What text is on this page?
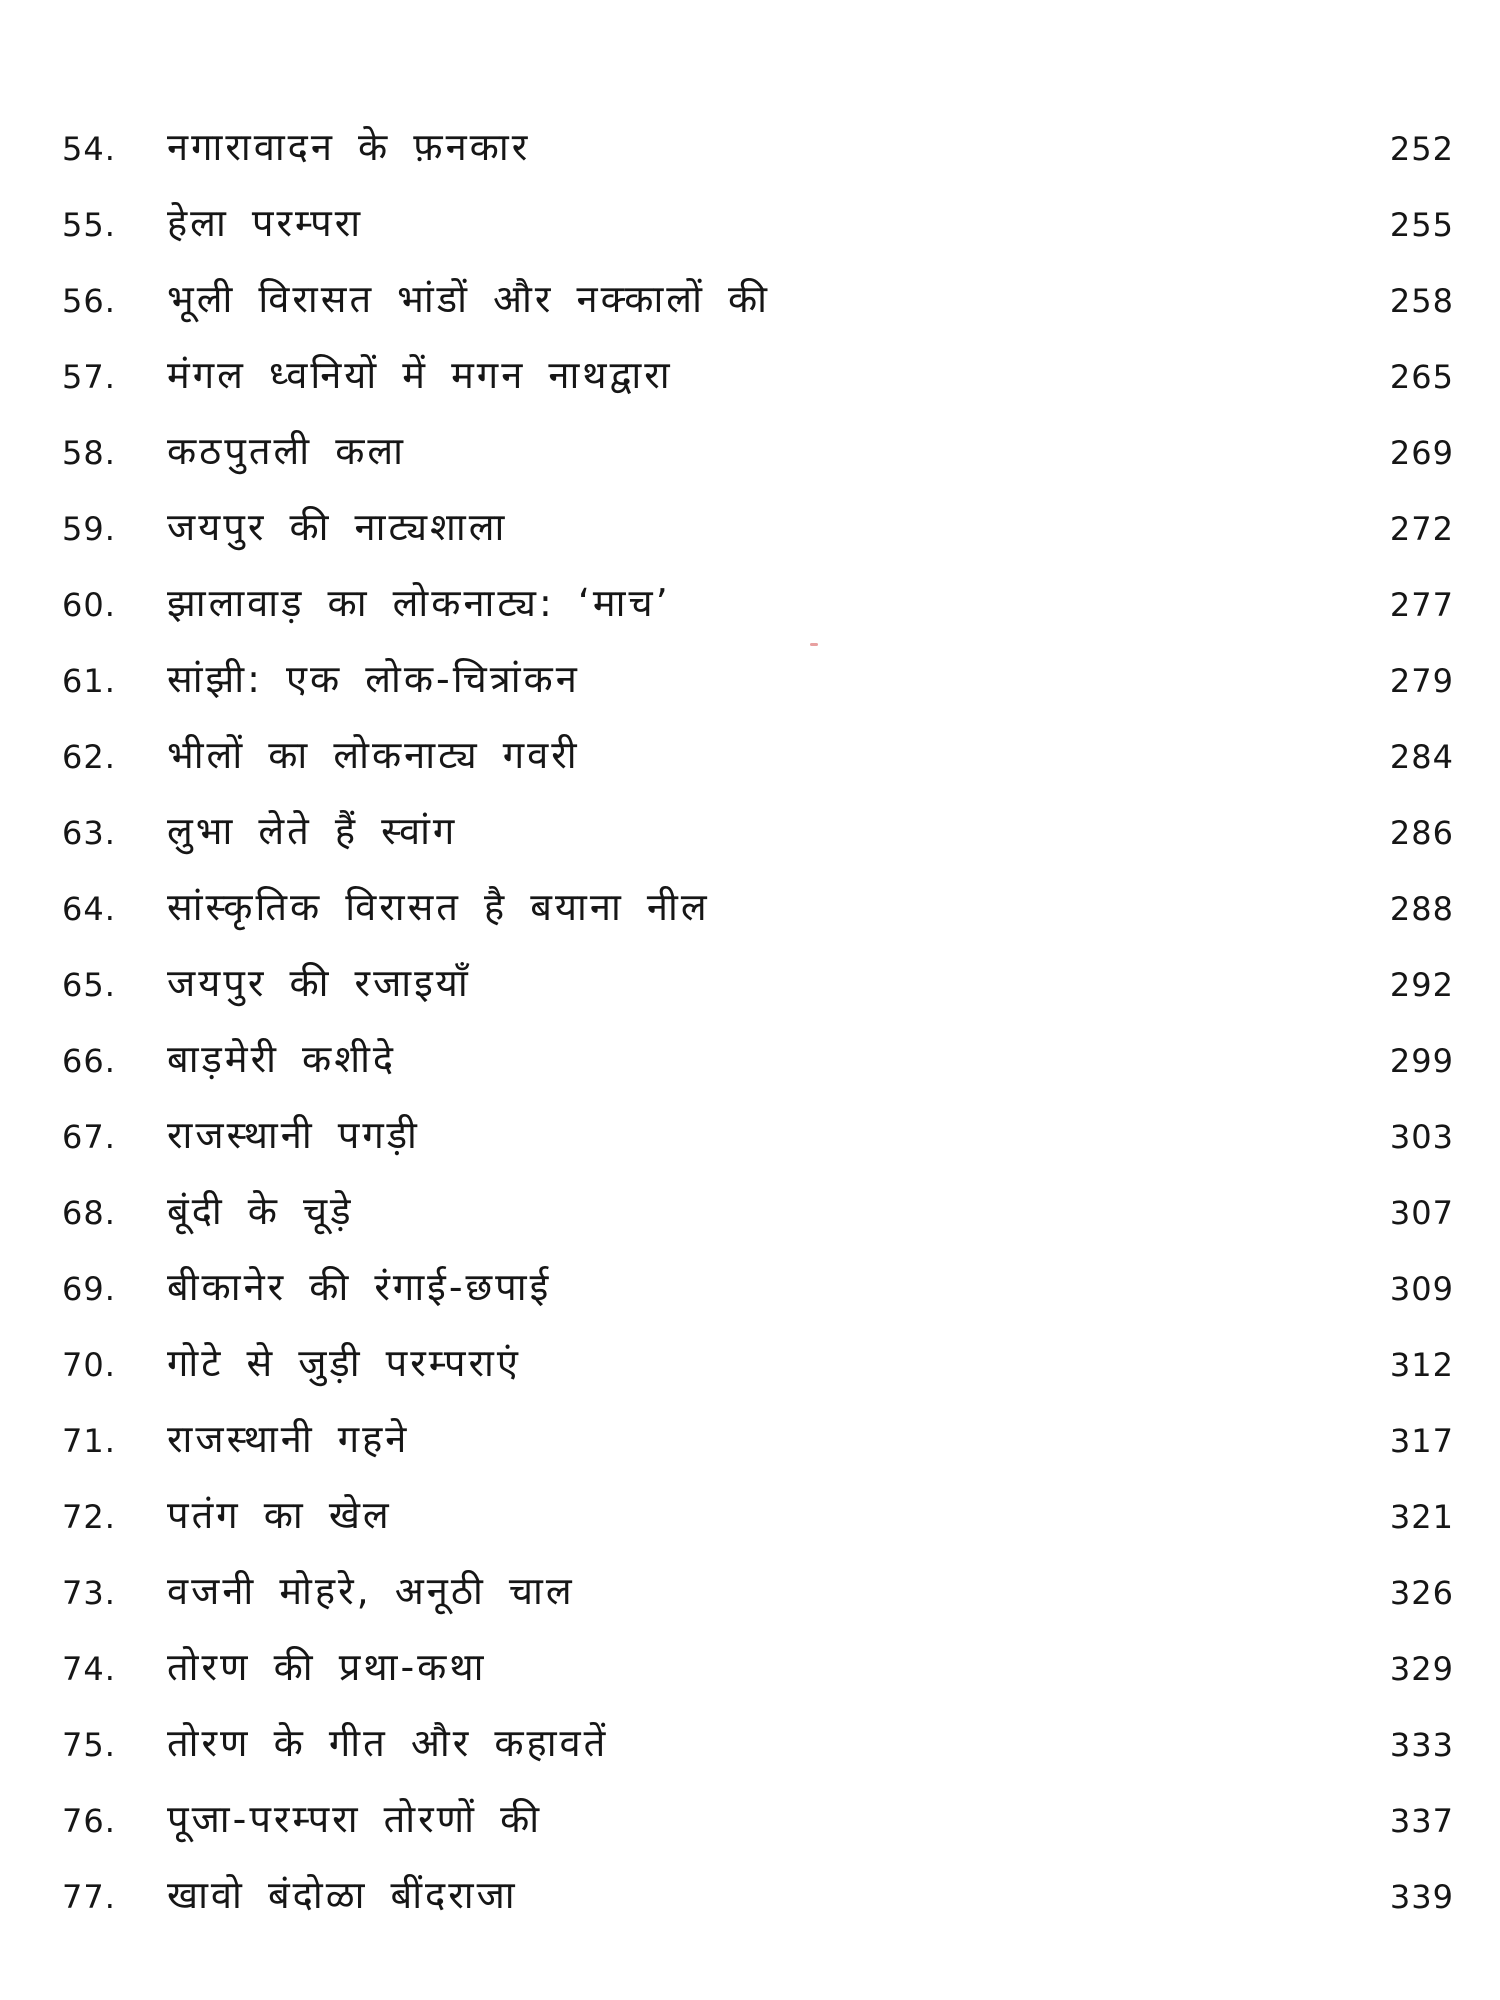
54.	नगारावादन के फ़नकार	252
55.	हेला परम्परा	255
56.	भूली विरासत भांडों और नक्कालों की	258
57.	मंगल ध्वनियों में मगन नाथद्वारा	265
58.	कठपुतली कला	269
59.	जयपुर की नाट्यशाला	272
60.	झालावाड़ का लोकनाट्य: ‘माच’	277
61.	सांझी: एक लोक-चित्रांकन	279
62.	भीलों का लोकनाट्य गवरी	284
63.	लुभा लेते हैं स्वांग	286
64.	सांस्कृतिक विरासत है बयाना नील	288
65.	जयपुर की रजाइयाँ	292
66.	बाड़मेरी कशीदे	299
67.	राजस्थानी पगड़ी	303
68.	बूंदी के चूड़े	307
69.	बीकानेर की रंगाई-छपाई	309
70.	गोटे से जुड़ी परम्पराएं	312
71.	राजस्थानी गहने	317
72.	पतंग का खेल	321
73.	वजनी मोहरे, अनूठी चाल	326
74.	तोरण की प्रथा-कथा	329
75.	तोरण के गीत और कहावतें	333
76.	पूजा-परम्परा तोरणों की	337
77.	खावो बंदोळा बींदराजा	339
